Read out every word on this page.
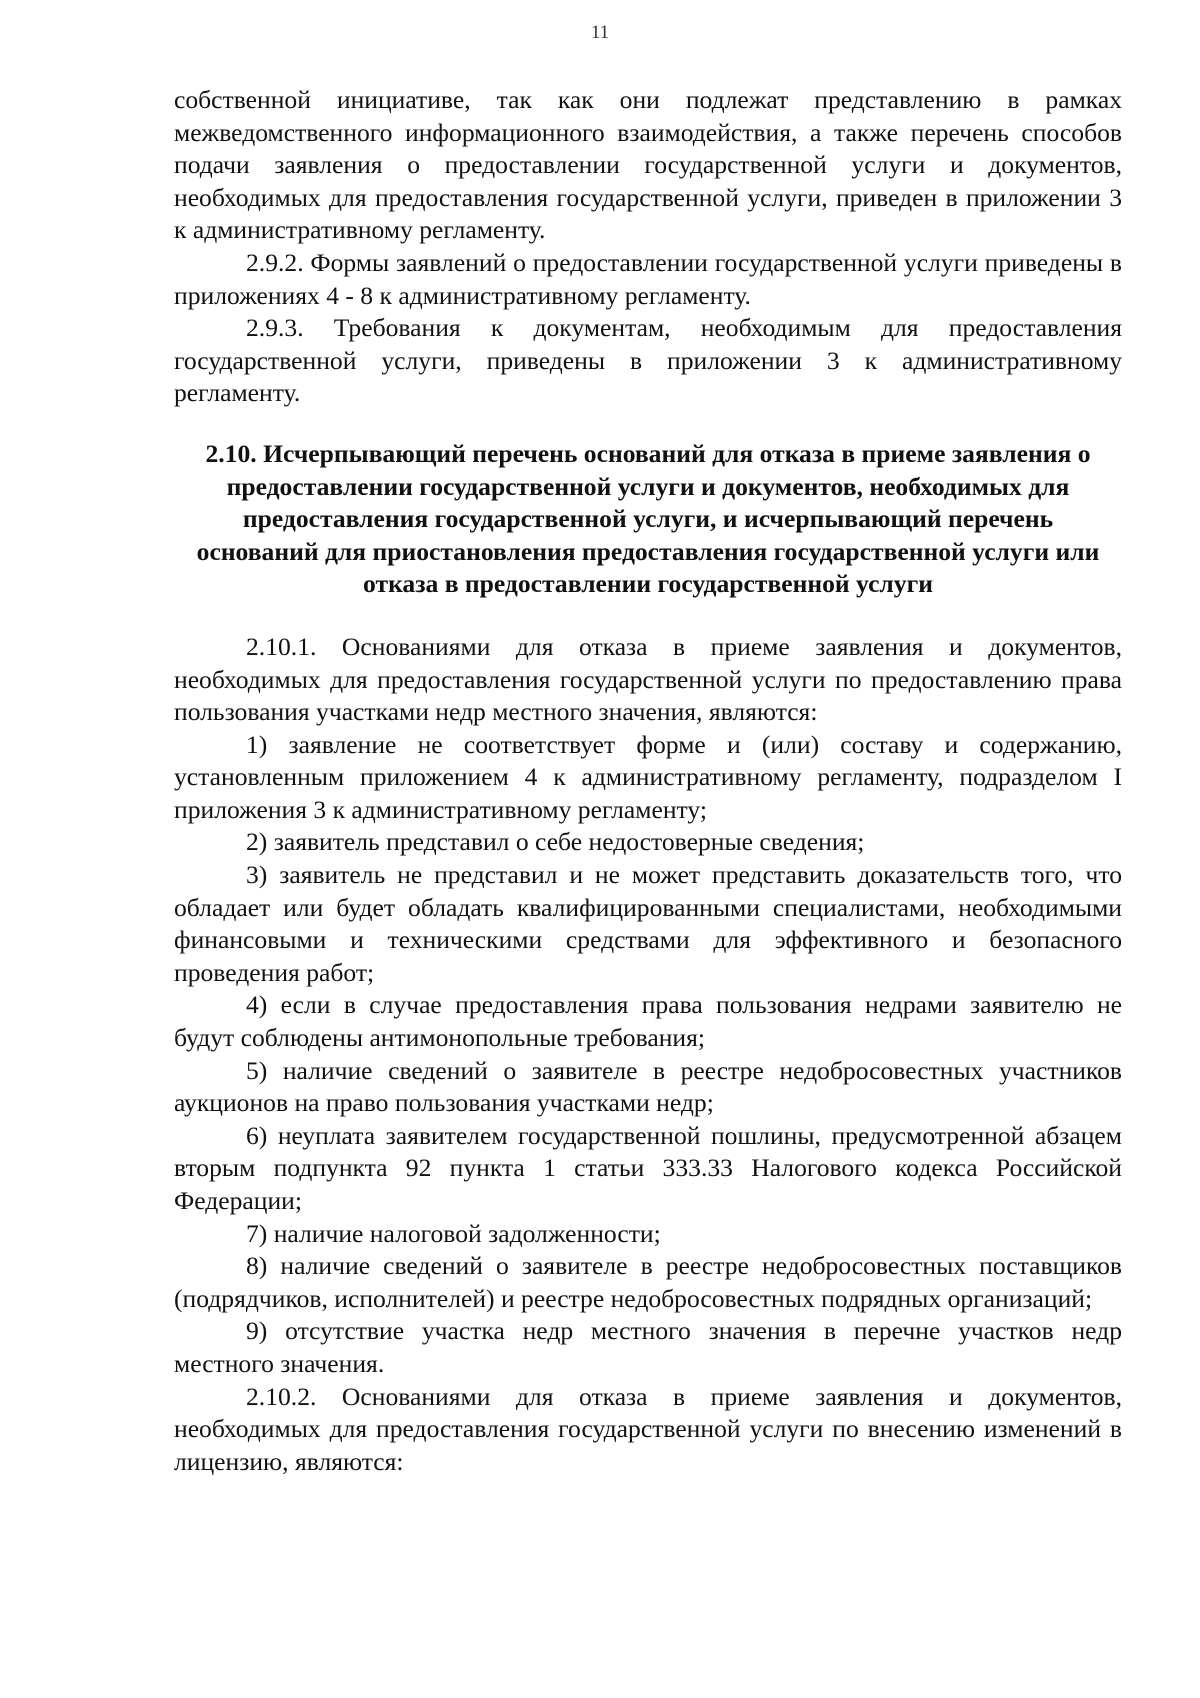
11

собственной инициативе, так как они подлежат представлению в рамках межведомственного информационного взаимодействия, а также перечень способов подачи заявления о предоставлении государственной услуги и документов, необходимых для предоставления государственной услуги, приведен в приложении 3 к административному регламенту.

2.9.2. Формы заявлений о предоставлении государственной услуги приведены в приложениях 4 - 8 к административному регламенту.

2.9.3. Требования к документам, необходимым для предоставления государственной услуги, приведены в приложении 3 к административному регламенту.

2.10. Исчерпывающий перечень оснований для отказа в приеме заявления о предоставлении государственной услуги и документов, необходимых для предоставления государственной услуги, и исчерпывающий перечень оснований для приостановления предоставления государственной услуги или отказа в предоставлении государственной услуги

2.10.1. Основаниями для отказа в приеме заявления и документов, необходимых для предоставления государственной услуги по предоставлению права пользования участками недр местного значения, являются:

1) заявление не соответствует форме и (или) составу и содержанию, установленным приложением 4 к административному регламенту, подразделом I приложения 3 к административному регламенту;

2) заявитель представил о себе недостоверные сведения;

3) заявитель не представил и не может представить доказательств того, что обладает или будет обладать квалифицированными специалистами, необходимыми финансовыми и техническими средствами для эффективного и безопасного проведения работ;

4) если в случае предоставления права пользования недрами заявителю не будут соблюдены антимонопольные требования;

5) наличие сведений о заявителе в реестре недобросовестных участников аукционов на право пользования участками недр;

6) неуплата заявителем государственной пошлины, предусмотренной абзацем вторым подпункта 92 пункта 1 статьи 333.33 Налогового кодекса Российской Федерации;

7) наличие налоговой задолженности;

8) наличие сведений о заявителе в реестре недобросовестных поставщиков (подрядчиков, исполнителей) и реестре недобросовестных подрядных организаций;

9) отсутствие участка недр местного значения в перечне участков недр местного значения.

2.10.2. Основаниями для отказа в приеме заявления и документов, необходимых для предоставления государственной услуги по внесению изменений в лицензию, являются:
